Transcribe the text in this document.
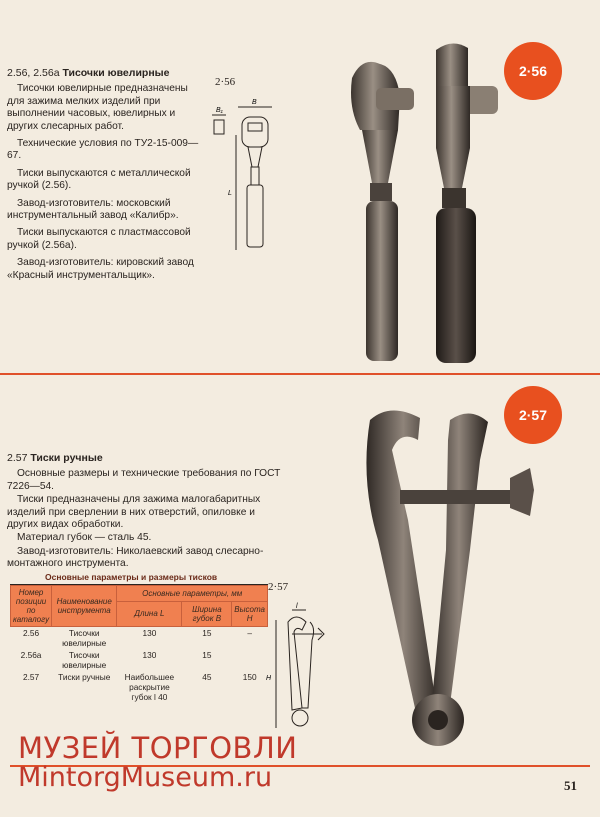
2.56, 2.56а Тисочки ювелирные

Тисочки ювелирные предназначены для зажима мелких изделий при выполнении часовых, ювелирных и других слесарных работ.

Технические условия по ТУ2-15-009—67.

Тиски выпускаются с металлической ручкой (2.56).

Завод-изготовитель: московский инструментальный завод «Калибр».

Тиски выпускаются с пластмассовой ручкой (2.56а).

Завод-изготовитель: кировский завод «Красный инструментальщик».

2·56
В₁
В
L
2·56
2·57
2.57 Тиски ручные

Основные размеры и технические требования по ГОСТ 7226—54.

Тиски предназначены для зажима малогабаритных изделий при сверлении в них отверстий, опиловке и других видах обработки.

Материал губок — сталь 45.

Завод-изготовитель: Николаевский завод слесарно-монтажного инструмента.

Основные параметры и размеры тисков
Номер позиции по каталогу	Наименование инструмента	Основные параметры, мм		
		Длина L	Ширина губок В	Высота Н
2.56	Тисочки ювелирные	130	15	–
2.56а	Тисочки ювелирные	130	15	
2.57	Тиски ручные	Наибольшее раскрытие губок l 40	45	150
2·57
l
H
МУЗЕЙ ТОРГОВЛИ
MintorgMuseum.ru	51
